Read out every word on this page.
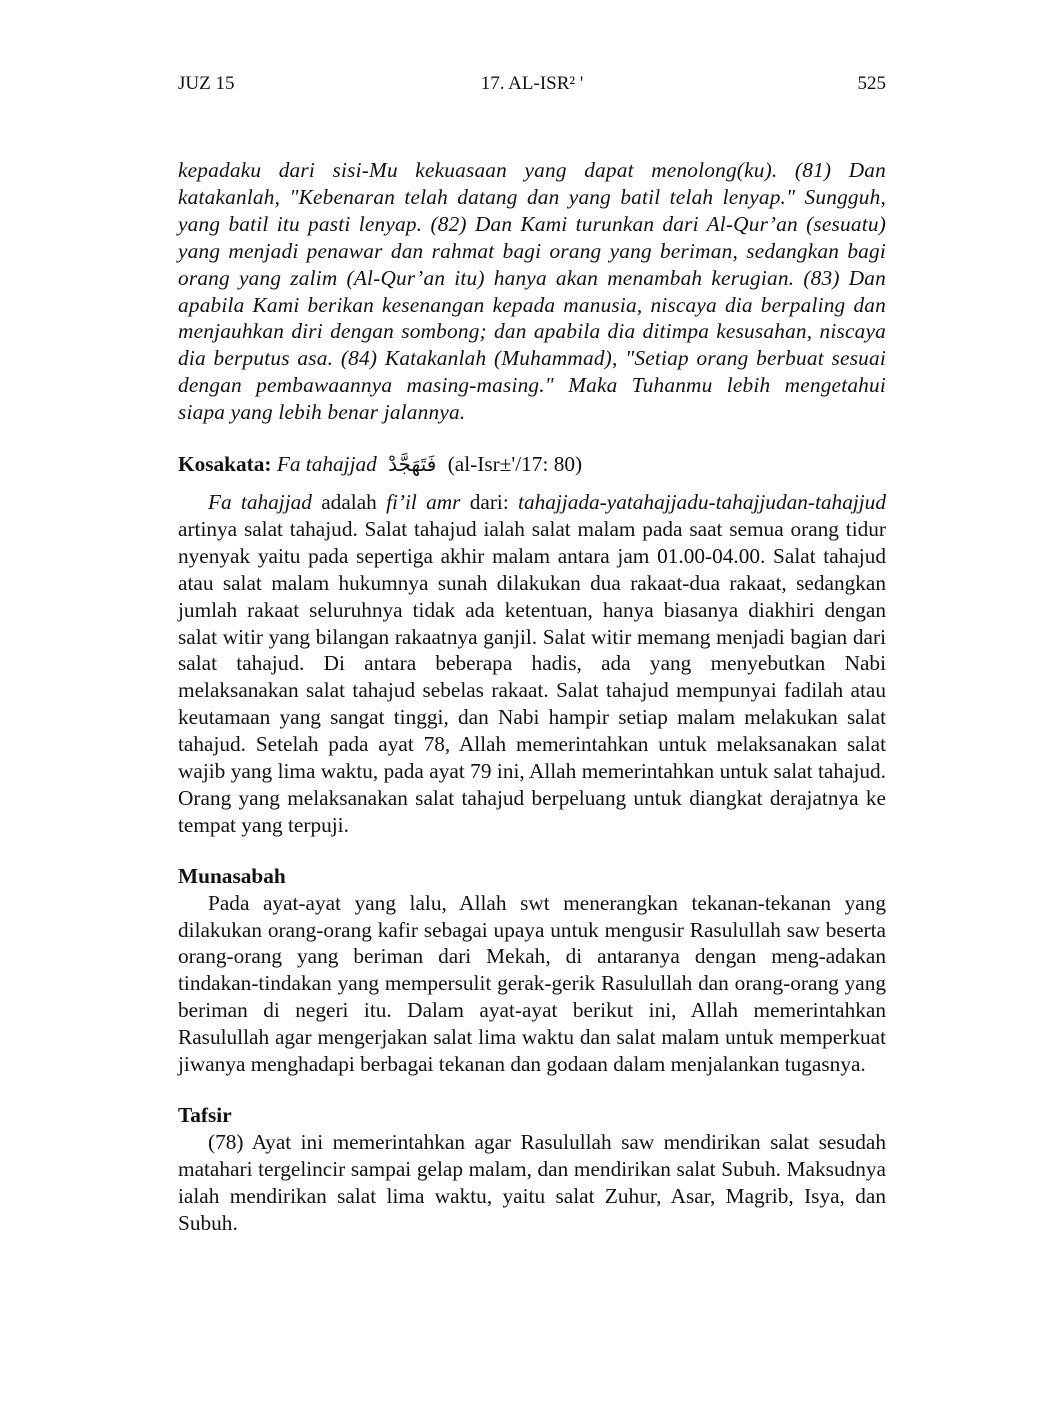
JUZ 15	17. AL-ISR² '	525

kepadaku dari sisi-Mu kekuasaan yang dapat menolong(ku). (81) Dan katakanlah, "Kebenaran telah datang dan yang batil telah lenyap." Sungguh, yang batil itu pasti lenyap. (82) Dan Kami turunkan dari Al-Qur’an (sesuatu) yang menjadi penawar dan rahmat bagi orang yang beriman, sedangkan bagi orang yang zalim (Al-Qur’an itu) hanya akan menambah kerugian. (83) Dan apabila Kami berikan kesenangan kepada manusia, niscaya dia berpaling dan menjauhkan diri dengan sombong; dan apabila dia ditimpa kesusahan, niscaya dia berputus asa. (84) Katakanlah (Muhammad), "Setiap orang berbuat sesuai dengan pembawaannya masing-masing." Maka Tuhanmu lebih mengetahui siapa yang lebih benar jalannya.

Kosakata: Fa tahajjad فَتَهَجَّدْ (al-Isr±'/17: 80)

Fa tahajjad adalah fi’il amr dari: tahajjada-yatahajjadu-tahajjudan-tahajjud artinya salat tahajud. Salat tahajud ialah salat malam pada saat semua orang tidur nyenyak yaitu pada sepertiga akhir malam antara jam 01.00-04.00. Salat tahajud atau salat malam hukumnya sunah dilakukan dua rakaat-dua rakaat, sedangkan jumlah rakaat seluruhnya tidak ada ketentuan, hanya biasanya diakhiri dengan salat witir yang bilangan rakaatnya ganjil. Salat witir memang menjadi bagian dari salat tahajud. Di antara beberapa hadis, ada yang menyebutkan Nabi melaksanakan salat tahajud sebelas rakaat. Salat tahajud mempunyai fadilah atau keutamaan yang sangat tinggi, dan Nabi hampir setiap malam melakukan salat tahajud. Setelah pada ayat 78, Allah memerintahkan untuk melaksanakan salat wajib yang lima waktu, pada ayat 79 ini, Allah memerintahkan untuk salat tahajud. Orang yang melaksanakan salat tahajud berpeluang untuk diangkat derajatnya ke tempat yang terpuji.

Munasabah

Pada ayat-ayat yang lalu, Allah swt menerangkan tekanan-tekanan yang dilakukan orang-orang kafir sebagai upaya untuk mengusir Rasulullah saw beserta orang-orang yang beriman dari Mekah, di antaranya dengan meng-adakan tindakan-tindakan yang mempersulit gerak-gerik Rasulullah dan orang-orang yang beriman di negeri itu. Dalam ayat-ayat berikut ini, Allah memerintahkan Rasulullah agar mengerjakan salat lima waktu dan salat malam untuk memperkuat jiwanya menghadapi berbagai tekanan dan godaan dalam menjalankan tugasnya.

Tafsir

(78) Ayat ini memerintahkan agar Rasulullah saw mendirikan salat sesudah matahari tergelincir sampai gelap malam, dan mendirikan salat Subuh. Maksudnya ialah mendirikan salat lima waktu, yaitu salat Zuhur, Asar, Magrib, Isya, dan Subuh.
